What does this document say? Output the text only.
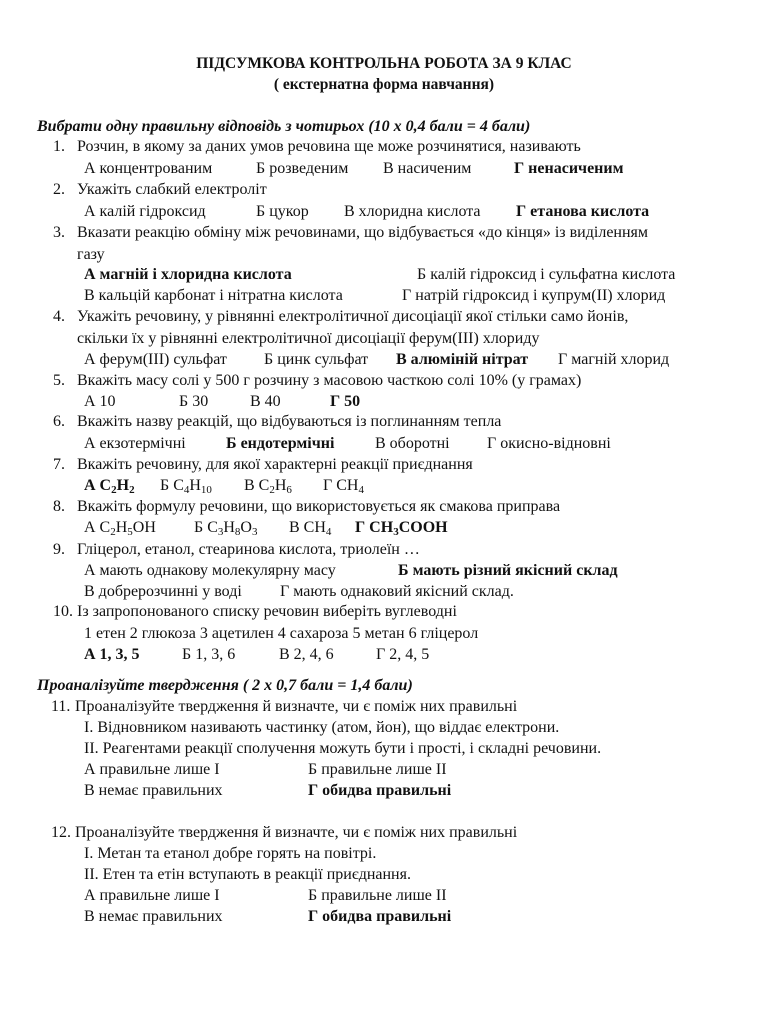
ПІДСУМКОВА КОНТРОЛЬНА РОБОТА ЗА 9 КЛАС
( екстернатна форма навчання)
Вибрати одну правильну відповідь з чотирьох (10 х 0,4 бали = 4 бали)
1. Розчин, в якому за даних умов речовина ще може розчинятися, називають
А концентрованим	Б розведеним В насиченим	Г ненасиченим
2. Укажіть слабкий електроліт
А калій гідроксид	Б цукор В хлоридна кислота Г етанова кислота
3. Вказати реакцію обміну між речовинами, що відбувається «до кінця» із виділенням
газу
А магній і хлоридна кислота	Б калій гідроксид і сульфатна кислота
В кальцій карбонат і нітратна кислота	Г натрій гідроксид і купрум(ІІ) хлорид
4. Укажіть речовину, у рівнянні електролітичної дисоціації якої стільки само йонів,
скільки їх у рівнянні електролітичної дисоціації ферум(ІІІ) хлориду
А ферум(ІІІ) сульфат Б цинк сульфат В алюміній нітрат Г магній хлорид
5. Вкажіть масу солі у 500 г розчину з масовою часткою солі 10% (у грамах)
А 10	Б 30	В 40	Г 50
6. Вкажіть назву реакцій, що відбуваються із поглинанням тепла
А екзотермічні	Б ендотермічні	В оборотні Г окисно-відновні
7. Вкажіть речовину, для якої характерні реакції приєднання
А $C_2H_2$ Б $C_4H_{10}$ В $C_2H_6$ Г $CH_4$
8. Вкажіть формулу речовини, що використовується як смакова приправа
А $C_2H_5OH$ Б $C_3H_8O_3$ В $CH_4$ Г $CH_3COOH$
9. Гліцерол, етанол, стеаринова кислота, триолеїн …
А мають однакову молекулярну масу	Б мають різний якісний склад
В добрерозчинні у воді Г мають однаковий якісний склад.
10. Із запропонованого списку речовин виберіть вуглеводні
1 етен 2 глюкоза 3 ацетилен 4 сахароза 5 метан 6 гліцерол
А 1, 3, 5	Б 1, 3, 6	В 2, 4, 6	Г 2, 4, 5
Проаналізуйте твердження ( 2 х 0,7 бали = 1,4 бали)
11. Проаналізуйте твердження й визначте, чи є поміж них правильні
І. Відновником називають частинку (атом, йон), що віддає електрони.
ІІ. Реагентами реакції сполучення можуть бути і прості, і складні речовини.
А правильне лише І	Б правильне лише ІІ
В немає правильних	Г обидва правильні
12. Проаналізуйте твердження й визначте, чи є поміж них правильні
І. Метан та етанол добре горять на повітрі.
ІІ. Етен та етін вступають в реакції приєднання.
А правильне лише І	Б правильне лише ІІ
В немає правильних	Г обидва правильні
